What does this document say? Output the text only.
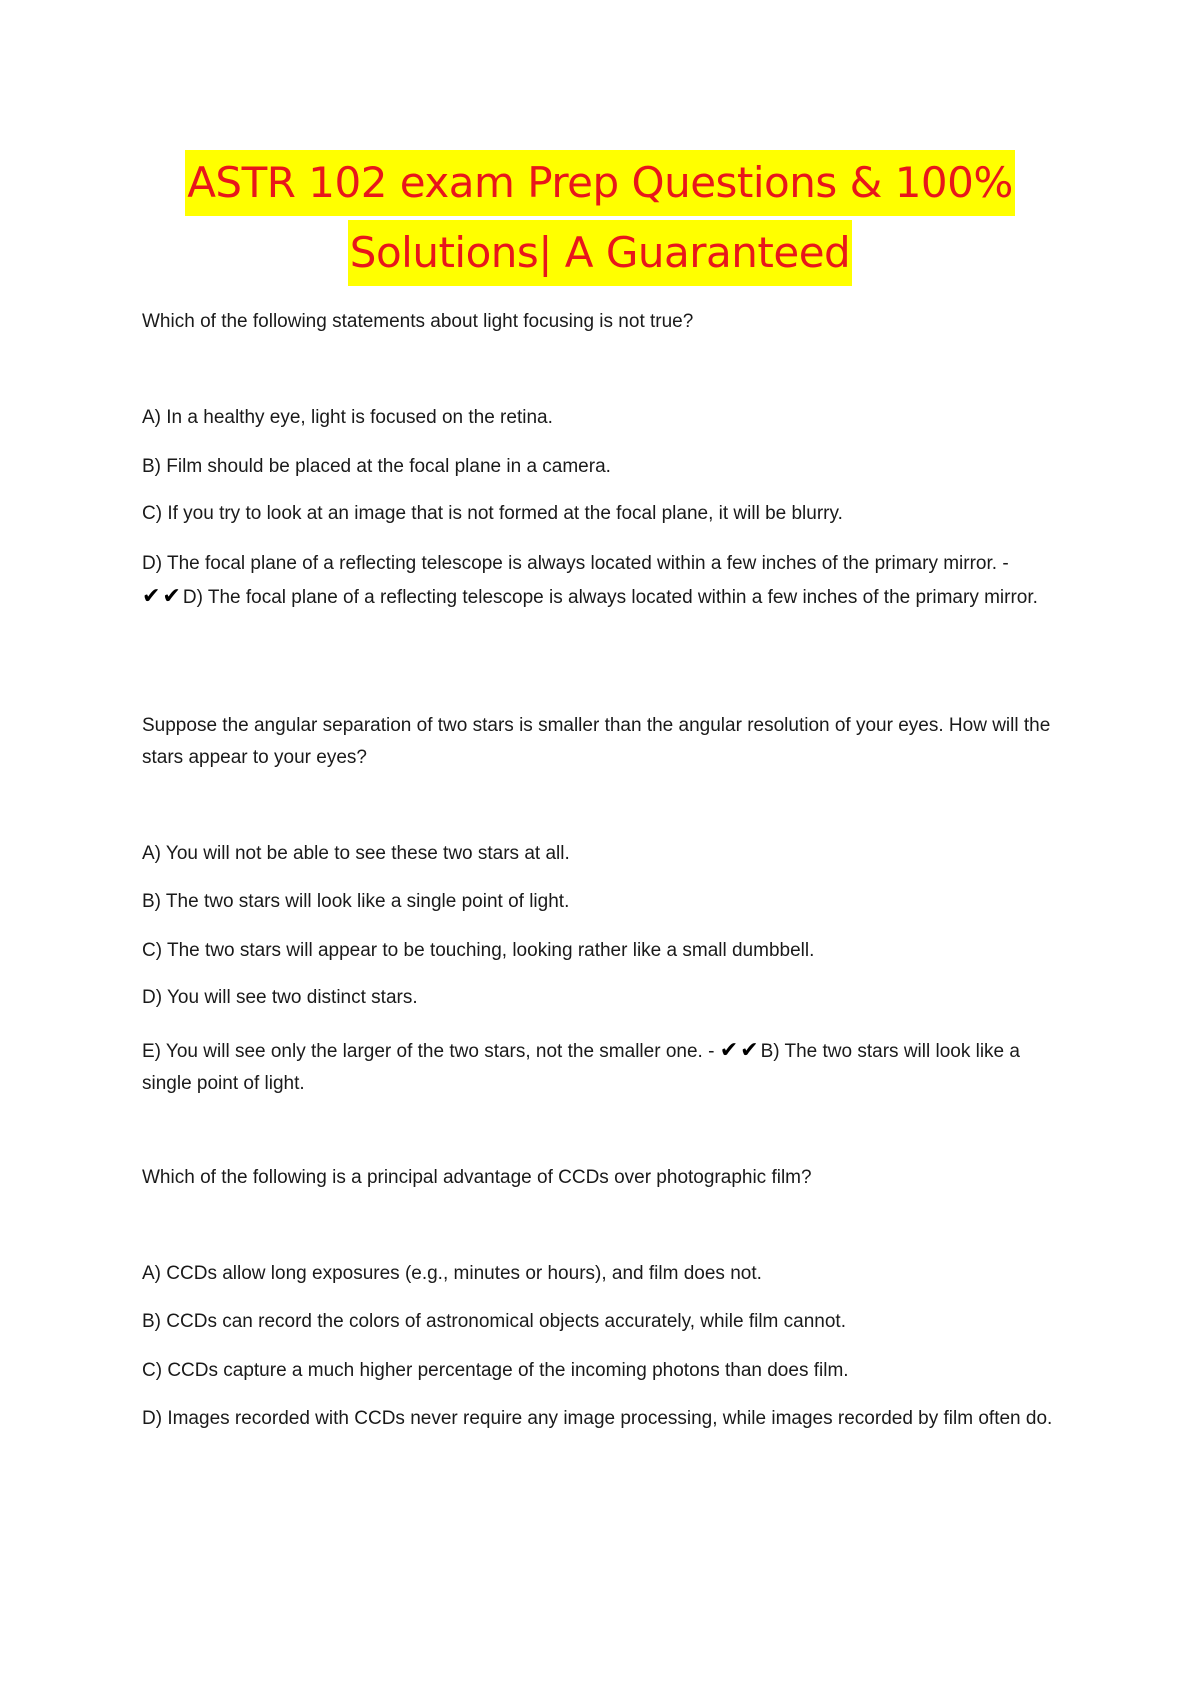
ASTR 102 exam Prep Questions & 100%
Solutions| A Guaranteed

Which of the following statements about light focusing is not true?

A) In a healthy eye, light is focused on the retina.

B) Film should be placed at the focal plane in a camera.

C) If you try to look at an image that is not formed at the focal plane, it will be blurry.

D) The focal plane of a reflecting telescope is always located within a few inches of the primary mirror. - ✔✔D) The focal plane of a reflecting telescope is always located within a few inches of the primary mirror.

Suppose the angular separation of two stars is smaller than the angular resolution of your eyes. How will the stars appear to your eyes?

A) You will not be able to see these two stars at all.

B) The two stars will look like a single point of light.

C) The two stars will appear to be touching, looking rather like a small dumbbell.

D) You will see two distinct stars.

E) You will see only the larger of the two stars, not the smaller one. - ✔✔B) The two stars will look like a single point of light.

Which of the following is a principal advantage of CCDs over photographic film?

A) CCDs allow long exposures (e.g., minutes or hours), and film does not.

B) CCDs can record the colors of astronomical objects accurately, while film cannot.

C) CCDs capture a much higher percentage of the incoming photons than does film.

D) Images recorded with CCDs never require any image processing, while images recorded by film often do.
